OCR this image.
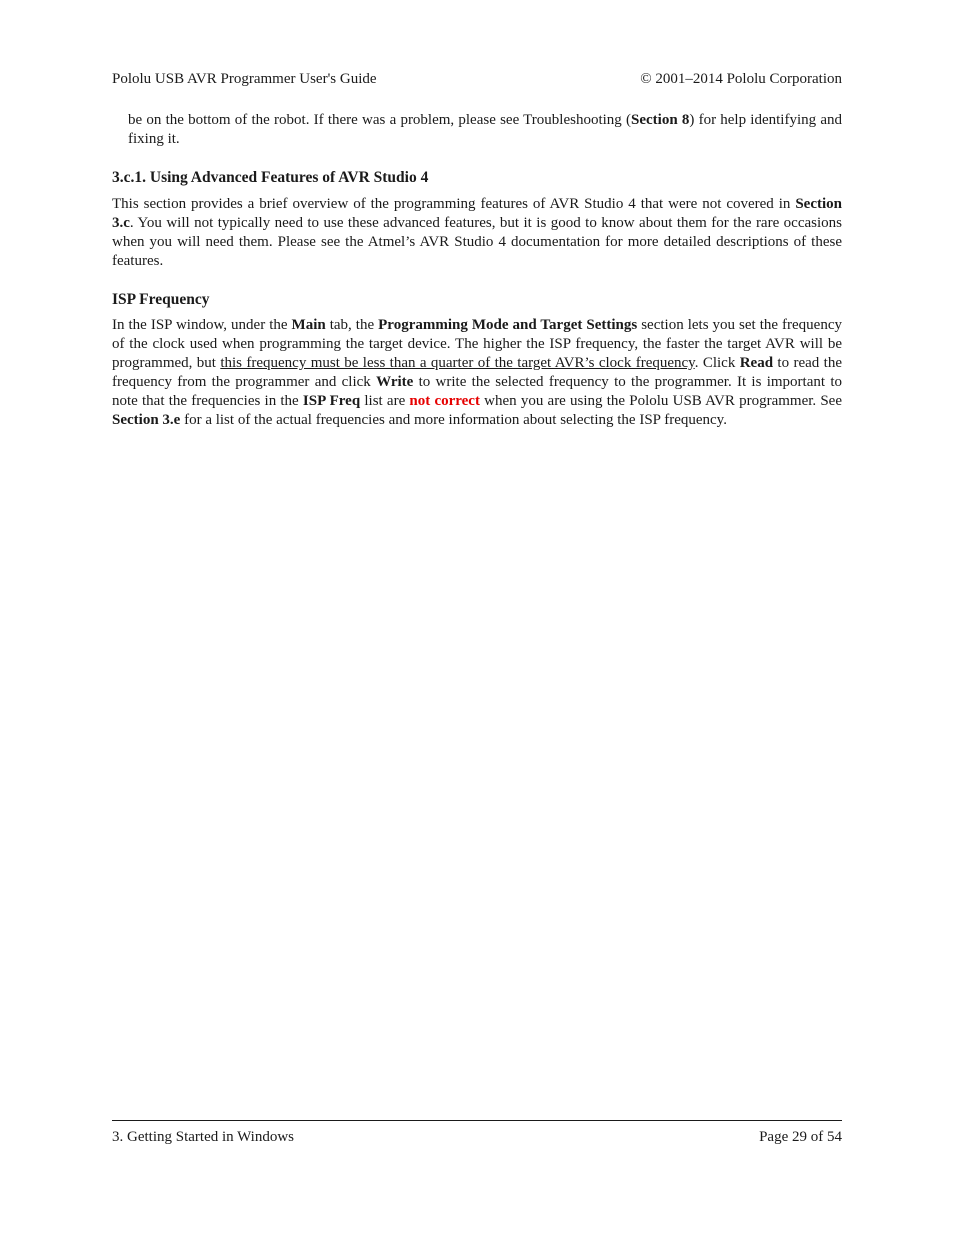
Pololu USB AVR Programmer User's Guide	© 2001–2014 Pololu Corporation

be on the bottom of the robot. If there was a problem, please see Troubleshooting (Section 8) for help identifying and fixing it.

3.c.1. Using Advanced Features of AVR Studio 4

This section provides a brief overview of the programming features of AVR Studio 4 that were not covered in Section 3.c. You will not typically need to use these advanced features, but it is good to know about them for the rare occasions when you will need them. Please see the Atmel’s AVR Studio 4 documentation for more detailed descriptions of these features.

ISP Frequency

In the ISP window, under the Main tab, the Programming Mode and Target Settings section lets you set the frequency of the clock used when programming the target device. The higher the ISP frequency, the faster the target AVR will be programmed, but this frequency must be less than a quarter of the target AVR’s clock frequency. Click Read to read the frequency from the programmer and click Write to write the selected frequency to the programmer. It is important to note that the frequencies in the ISP Freq list are not correct when you are using the Pololu USB AVR programmer. See Section 3.e for a list of the actual frequencies and more information about selecting the ISP frequency.

3. Getting Started in Windows	Page 29 of 54
